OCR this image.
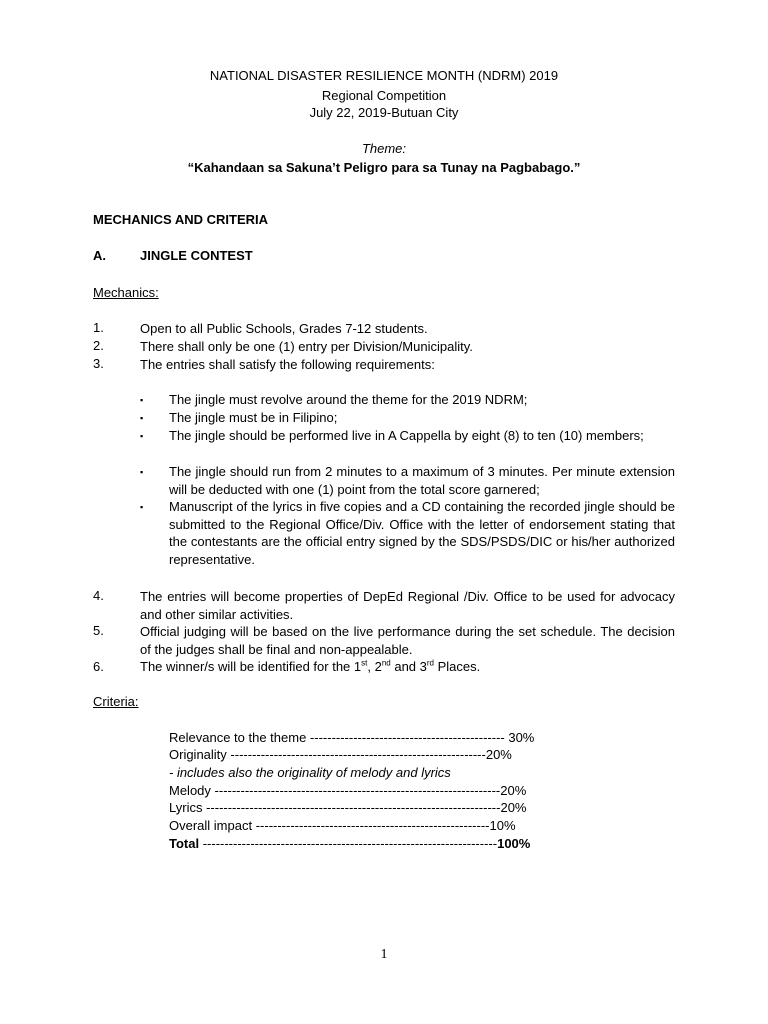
NATIONAL DISASTER RESILIENCE MONTH (NDRM) 2019
Regional Competition
July 22, 2019-Butuan City
Theme:
“Kahandaan sa Sakuna’t Peligro para sa Tunay na Pagbabago.”
MECHANICS AND CRITERIA
A.	JINGLE CONTEST
Mechanics:
1.	Open to all Public Schools, Grades 7-12 students.
2.	There shall only be one (1) entry per Division/Municipality.
3.	The entries shall satisfy the following requirements:
▪ The jingle must revolve around the theme for the 2019 NDRM;
▪ The jingle must be in Filipino;
▪ The jingle should be performed live in A Cappella by eight (8) to ten (10) members;
▪ The jingle should run from 2 minutes to a maximum of 3 minutes. Per minute extension will be deducted with one (1) point from the total score garnered;
▪ Manuscript of the lyrics in five copies and a CD containing the recorded jingle should be submitted to the Regional Office/Div. Office with the letter of endorsement stating that the contestants are the official entry signed by the SDS/PSDS/DIC or his/her authorized representative.
4.	The entries will become properties of DepEd Regional /Div. Office to be used for advocacy and other similar activities.
5.	Official judging will be based on the live performance during the set schedule. The decision of the judges shall be final and non-appealable.
6.	The winner/s will be identified for the 1st, 2nd and 3rd Places.
Criteria:
Relevance to the theme --------------------------------------------- 30%
Originality -----------------------------------------------------------20%
- includes also the originality of melody and lyrics
Melody ------------------------------------------------------------------20%
Lyrics --------------------------------------------------------------------20%
Overall impact ------------------------------------------------------10%
Total --------------------------------------------------------------------100%
1
